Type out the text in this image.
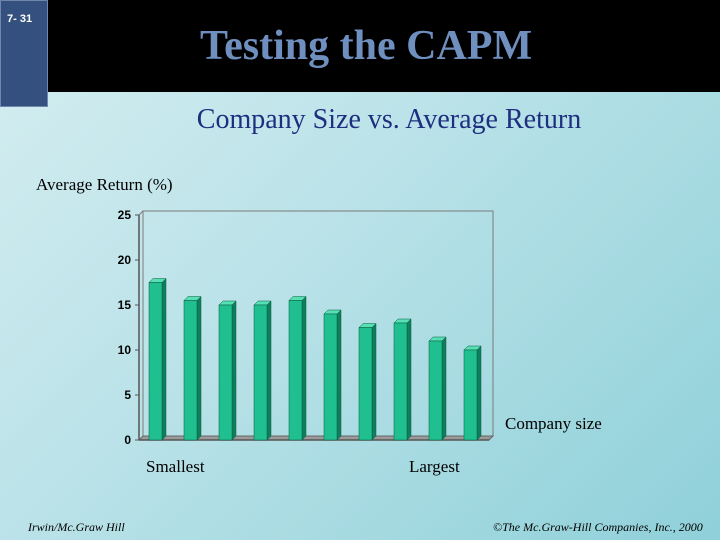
7- 31
Testing the CAPM
Company Size vs. Average Return
Average Return (%)
0
5
10
15
20
25
Company size
Smallest	Largest
Irwin/Mc.Graw Hill	©The Mc.Graw-Hill Companies, Inc., 2000
